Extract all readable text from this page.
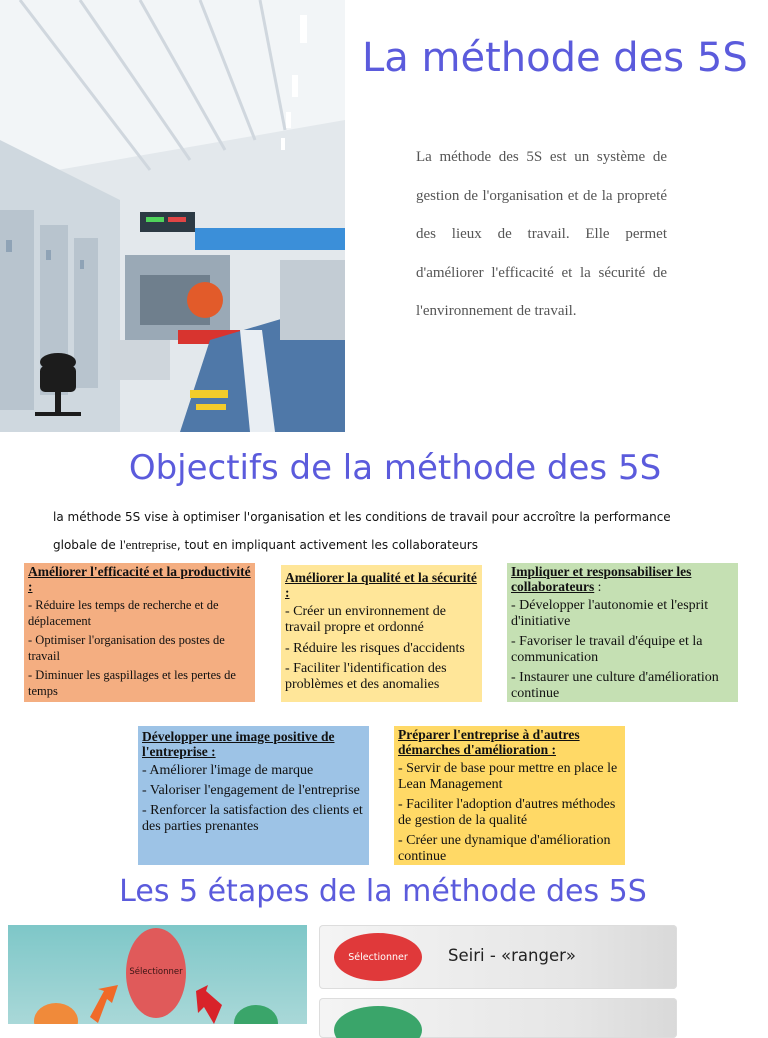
La méthode des 5S

La méthode des 5S est un système de gestion de l'organisation et de la propreté des lieux de travail. Elle permet d'améliorer l'efficacité et la sécurité de l'environnement de travail.

Objectifs de la méthode des 5S
la méthode 5S vise à optimiser l'organisation et les conditions de travail pour accroître la performance
globale de l'entreprise, tout en impliquant activement les collaborateurs

Améliorer l'efficacité et la productivité :

- Réduire les temps de recherche et de déplacement

- Optimiser l'organisation des postes de travail

- Diminuer les gaspillages et les pertes de temps

Améliorer la qualité et la sécurité :

- Créer un environnement de travail propre et ordonné

- Réduire les risques d'accidents

- Faciliter l'identification des problèmes et des anomalies

Impliquer et responsabiliser les collaborateurs :

- Développer l'autonomie et l'esprit d'initiative

- Favoriser le travail d'équipe et la communication

- Instaurer une culture d'amélioration continue

Développer une image positive de l'entreprise :

- Améliorer l'image de marque

- Valoriser l'engagement de l'entreprise

- Renforcer la satisfaction des clients et des parties prenantes

Préparer l'entreprise à d'autres démarches d'amélioration :

- Servir de base pour mettre en place le Lean Management

- Faciliter l'adoption d'autres méthodes de gestion de la qualité

- Créer une dynamique d'amélioration continue

Les 5 étapes de la méthode des 5S
Sélectionner
Sélectionner	Seiri - «ranger»
